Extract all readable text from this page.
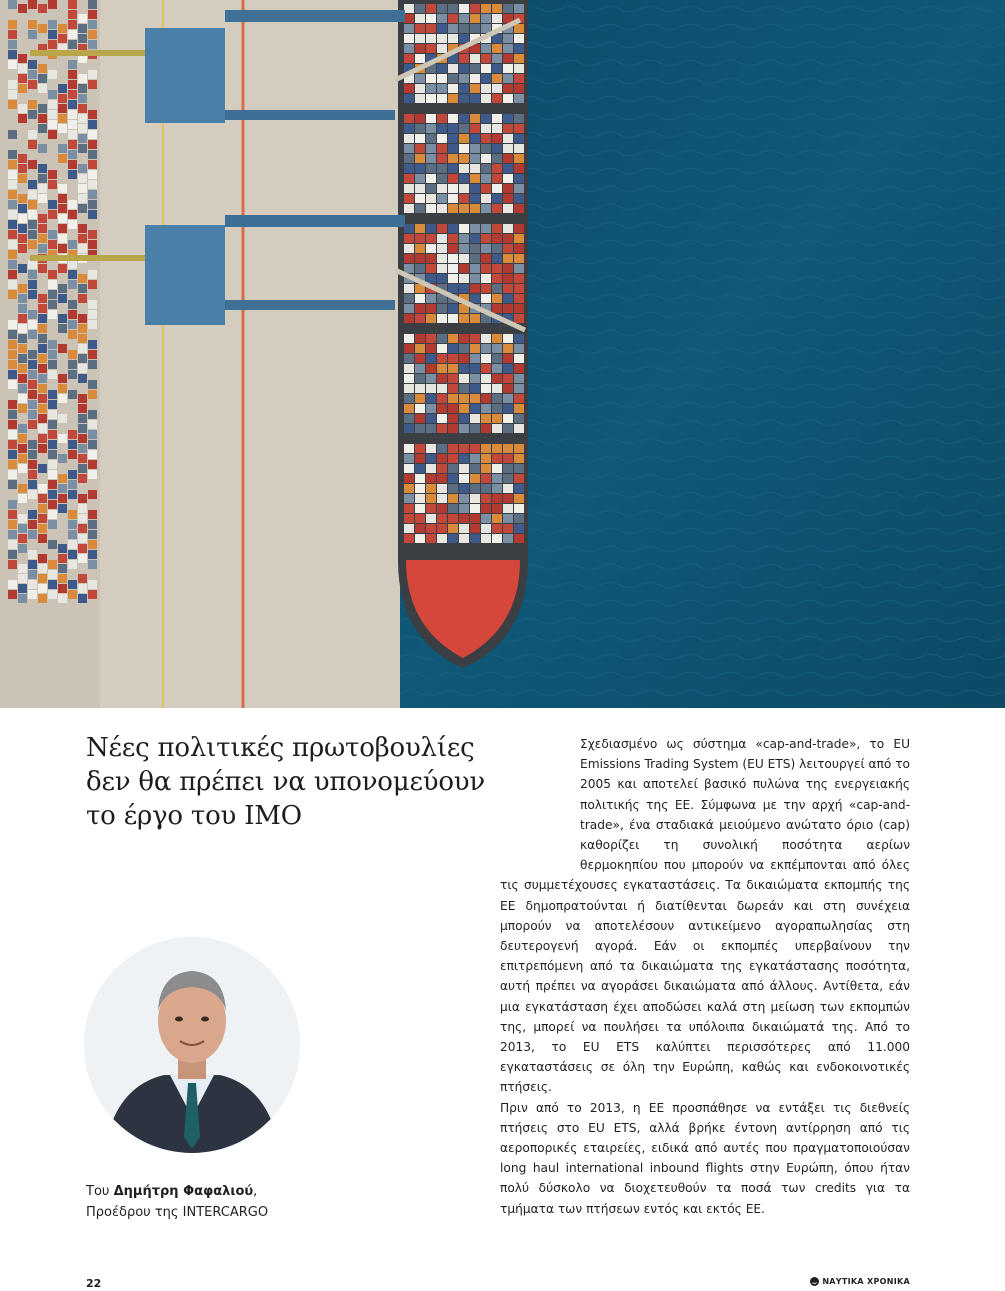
Νέες πολιτικές πρωτοβουλίες
δεν θα πρέπει να υπονομεύουν
το έργο του ΙΜΟ

Σχεδιασμένο ως σύστημα «cap-and-trade», το EU Emissions Trading System (EU ETS) λειτουργεί από το 2005 και αποτελεί βασικό πυλώνα της ενεργειακής πολιτικής της ΕΕ. Σύμφωνα με την αρχή «cap-and-trade», ένα σταδιακά μειούμενο ανώτατο όριο (cap) καθορίζει τη συνολική ποσότητα αερίων θερμοκηπίου που μπορούν να εκπέμπονται από όλες τις συμμετέχουσες εγκαταστάσεις. Τα δικαιώματα εκπομπής της ΕΕ δημοπρατούνται ή διατίθενται δωρεάν και στη συνέχεια μπορούν να αποτελέσουν αντικείμενο αγοραπωλησίας στη δευτερογενή αγορά. Εάν οι εκπομπές υπερβαίνουν την επιτρεπόμενη από τα δικαιώματα της εγκατάστασης ποσότητα, αυτή πρέπει να αγοράσει δικαιώματα από άλλους. Αντίθετα, εάν μια εγκατάσταση έχει αποδώσει καλά στη μείωση των εκπομπών της, μπορεί να πουλήσει τα υπόλοιπα δικαιώματά της. Από το 2013, το EU ETS καλύπτει περισσότερες από 11.000 εγκαταστάσεις σε όλη την Ευρώπη, καθώς και ενδοκοινοτικές πτήσεις.

Πριν από το 2013, η ΕΕ προσπάθησε να εντάξει τις διεθνείς πτήσεις στο EU ETS, αλλά βρήκε έντονη αντίρρηση από τις αεροπορικές εταιρείες, ειδικά από αυτές που πραγματοποιούσαν long haul international inbound flights στην Ευρώπη, όπου ήταν πολύ δύσκολο να διοχετευθούν τα ποσά των credits για τα τμήματα των πτήσεων εντός και εκτός ΕΕ.

Του Δημήτρη Φαφαλιού,
Προέδρου της INTERCARGO
22	ΝΑΥΤΙΚΑ ΧΡΟΝΙΚΑ
